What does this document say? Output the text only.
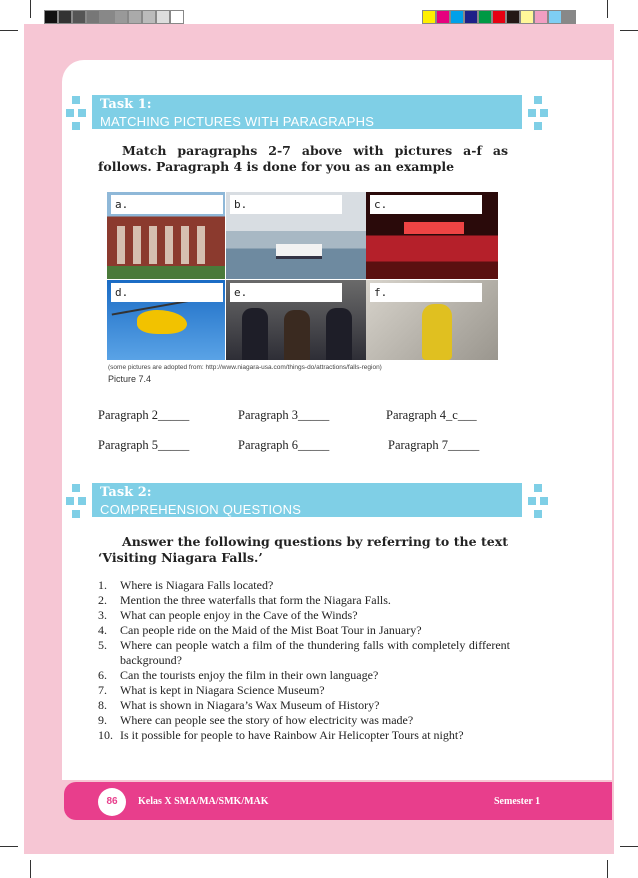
Task 1:
MATCHING PICTURES WITH PARAGRAPHS
Match paragraphs 2-7 above with pictures a-f as follows. Paragraph 4 is done for you as an example
a.	b.	c.
d.	e.	f.
(some pictures are adopted from: http://www.niagara-usa.com/things-do/attractions/falls-region)
Picture 7.4
Paragraph 2_____	Paragraph 3_____	Paragraph 4_c___
Paragraph 5_____	Paragraph 6_____	Paragraph 7_____
Task 2:
COMPREHENSION QUESTIONS
Answer the following questions by referring to the text ‘Visiting Niagara Falls.’
1.	Where is Niagara Falls located?
2.	Mention the three waterfalls that form the Niagara Falls.
3.	What can people enjoy in the Cave of the Winds?
4.	Can people ride on the Maid of the Mist Boat Tour in January?
5.	Where can people watch a film of the thundering falls with completely different background?
6.	Can the tourists enjoy the film in their own language?
7.	What is kept in Niagara Science Museum?
8.	What is shown in Niagara’s Wax Museum of History?
9.	Where can people see the story of how electricity was made?
10. Is it possible for people to have Rainbow Air Helicopter Tours at night?
86	Kelas X SMA/MA/SMK/MAK	Semester 1
